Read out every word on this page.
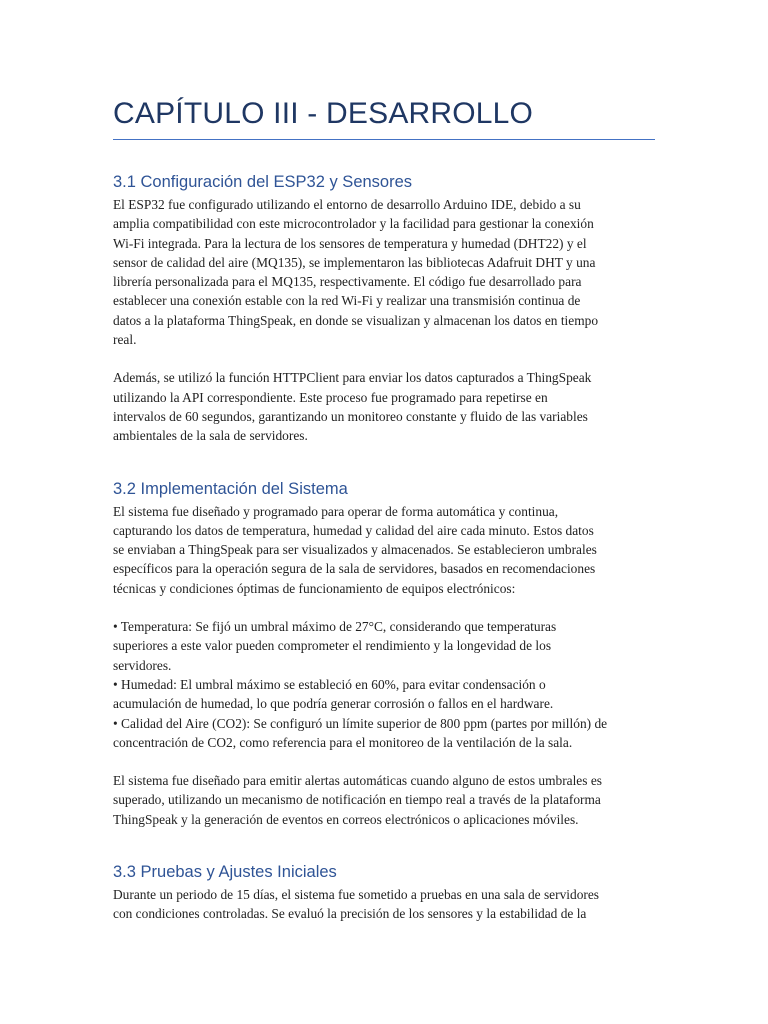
CAPÍTULO III - DESARROLLO
3.1 Configuración del ESP32 y Sensores
El ESP32 fue configurado utilizando el entorno de desarrollo Arduino IDE, debido a su
amplia compatibilidad con este microcontrolador y la facilidad para gestionar la conexión
Wi-Fi integrada. Para la lectura de los sensores de temperatura y humedad (DHT22) y el
sensor de calidad del aire (MQ135), se implementaron las bibliotecas Adafruit DHT y una
librería personalizada para el MQ135, respectivamente. El código fue desarrollado para
establecer una conexión estable con la red Wi-Fi y realizar una transmisión continua de
datos a la plataforma ThingSpeak, en donde se visualizan y almacenan los datos en tiempo
real.
Además, se utilizó la función HTTPClient para enviar los datos capturados a ThingSpeak
utilizando la API correspondiente. Este proceso fue programado para repetirse en
intervalos de 60 segundos, garantizando un monitoreo constante y fluido de las variables
ambientales de la sala de servidores.
3.2 Implementación del Sistema
El sistema fue diseñado y programado para operar de forma automática y continua,
capturando los datos de temperatura, humedad y calidad del aire cada minuto. Estos datos
se enviaban a ThingSpeak para ser visualizados y almacenados. Se establecieron umbrales
específicos para la operación segura de la sala de servidores, basados en recomendaciones
técnicas y condiciones óptimas de funcionamiento de equipos electrónicos:
• Temperatura: Se fijó un umbral máximo de 27°C, considerando que temperaturas
superiores a este valor pueden comprometer el rendimiento y la longevidad de los
servidores.
• Humedad: El umbral máximo se estableció en 60%, para evitar condensación o
acumulación de humedad, lo que podría generar corrosión o fallos en el hardware.
• Calidad del Aire (CO2): Se configuró un límite superior de 800 ppm (partes por millón) de
concentración de CO2, como referencia para el monitoreo de la ventilación de la sala.
El sistema fue diseñado para emitir alertas automáticas cuando alguno de estos umbrales es
superado, utilizando un mecanismo de notificación en tiempo real a través de la plataforma
ThingSpeak y la generación de eventos en correos electrónicos o aplicaciones móviles.
3.3 Pruebas y Ajustes Iniciales
Durante un periodo de 15 días, el sistema fue sometido a pruebas en una sala de servidores
con condiciones controladas. Se evaluó la precisión de los sensores y la estabilidad de la
